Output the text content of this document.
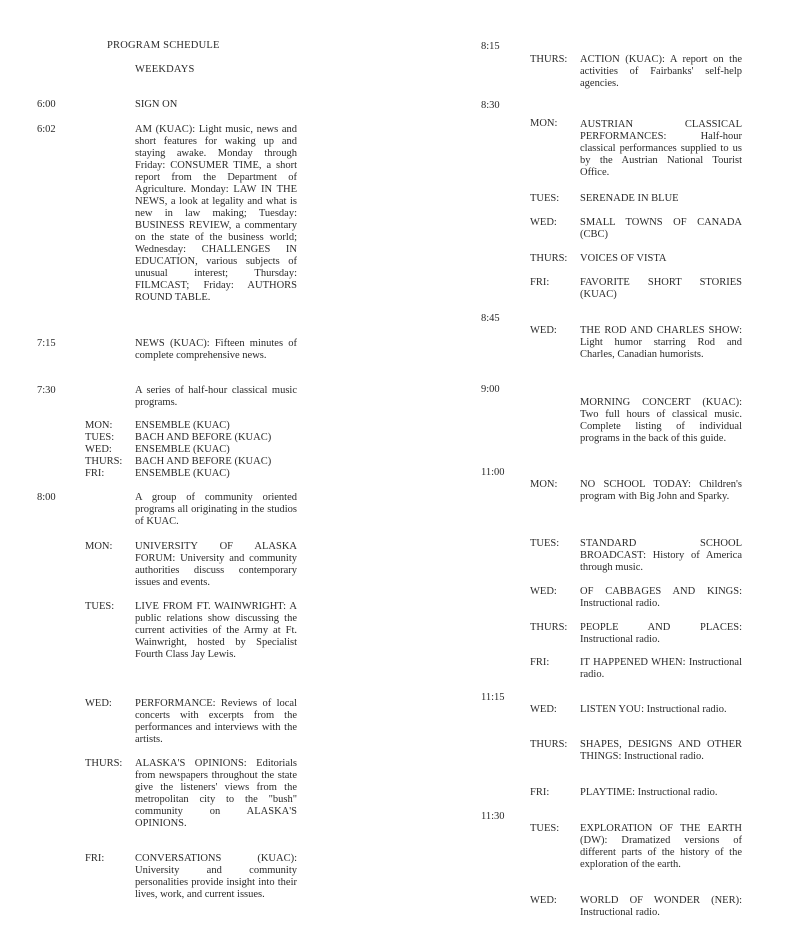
PROGRAM SCHEDULE
WEEKDAYS
6:00	SIGN ON
6:02	AM (KUAC): Light music, news and short features for waking up and staying awake. Monday through Friday: CONSUMER TIME, a short report from the Department of Agriculture. Monday: LAW IN THE NEWS, a look at legality and what is new in law making; Tuesday: BUSINESS REVIEW, a commentary on the state of the business world; Wednesday: CHALLENGES IN EDUCATION, various subjects of unusual interest; Thursday: FILMCAST; Friday: AUTHORS ROUND TABLE.
7:15	NEWS (KUAC): Fifteen minutes of complete comprehensive news.
7:30	A series of half-hour classical music programs.
MON: ENSEMBLE (KUAC)
TUES: BACH AND BEFORE (KUAC)
WED: ENSEMBLE (KUAC)
THURS: BACH AND BEFORE (KUAC)
FRI:	ENSEMBLE (KUAC)
8:00	A group of community oriented programs all originating in the studios of KUAC.
MON: UNIVERSITY OF ALASKA FORUM: University and community authorities discuss contemporary issues and events.
TUES: LIVE FROM FT. WAINWRIGHT: A public relations show discussing the current activities of the Army at Ft. Wainwright, hosted by Specialist Fourth Class Jay Lewis.
WED: PERFORMANCE: Reviews of local concerts with excerpts from the performances and interviews with the artists.
THURS: ALASKA'S OPINIONS: Editorials from newspapers throughout the state give the listeners' views from the metropolitan city to the "bush" community on ALASKA'S OPINIONS.
FRI:	CONVERSATIONS (KUAC): University and community personalities provide insight into their lives, work, and current issues.
8:15
THURS: ACTION (KUAC): A report on the activities of Fairbanks' self-help agencies.
8:30
MON: AUSTRIAN CLASSICAL PERFORMANCES: Half-hour classical performances supplied to us by the Austrian National Tourist Office.
TUES: SERENADE IN BLUE
WED: SMALL TOWNS OF CANADA (CBC)
THURS: VOICES OF VISTA
FRI:	FAVORITE SHORT STORIES (KUAC)
8:45
WED: THE ROD AND CHARLES SHOW: Light humor starring Rod and Charles, Canadian humorists.
9:00
MORNING CONCERT (KUAC): Two full hours of classical music. Complete listing of individual programs in the back of this guide.
11:00
MON: NO SCHOOL TODAY: Children's program with Big John and Sparky.
TUES: STANDARD SCHOOL BROADCAST: History of America through music.
WED: OF CABBAGES AND KINGS: Instructional radio.
THURS: PEOPLE AND PLACES: Instructional radio.
FRI:	IT HAPPENED WHEN: Instructional radio.
11:15
WED: LISTEN YOU: Instructional radio.
THURS: SHAPES, DESIGNS AND OTHER THINGS: Instructional radio.
FRI:	PLAYTIME: Instructional radio.
11:30
TUES: EXPLORATION OF THE EARTH (DW): Dramatized versions of different parts of the history of the exploration of the earth.
WED: WORLD OF WONDER (NER): Instructional radio.
